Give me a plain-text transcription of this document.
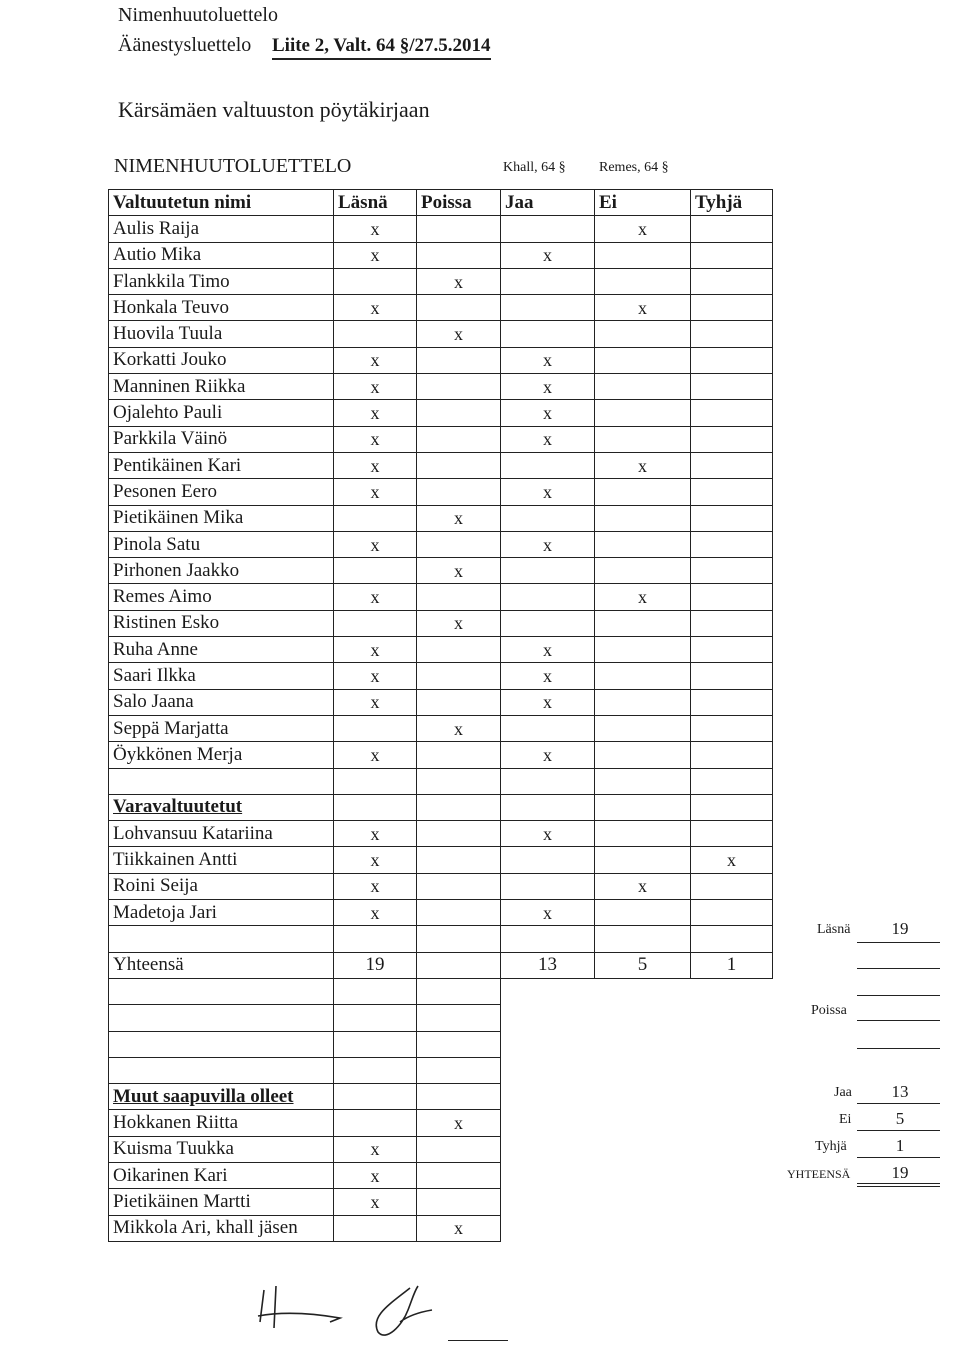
Nimenhuutoluettelo
Äänestysluettelo Liite 2, Valt. 64 §/27.5.2014
Kärsämäen valtuuston pöytäkirjaan
NIMENHUUTOLUETTELO	Khall, 64 § Remes, 64 §
Valtuutetun nimi	Läsnä	Poissa	Jaa	Ei	Tyhjä
Aulis Raija	x			x	
Autio Mika	x		x		
Flankkila Timo		x			
Honkala Teuvo	x			x	
Huovila Tuula		x			
Korkatti Jouko	x		x		
Manninen Riikka	x		x		
Ojalehto Pauli	x		x		
Parkkila Väinö	x		x		
Pentikäinen Kari	x			x	
Pesonen Eero	x		x		
Pietikäinen Mika		x			
Pinola Satu	x		x		
Pirhonen Jaakko		x			
Remes Aimo	x			x	
Ristinen Esko		x			
Ruha Anne	x		x		
Saari Ilkka	x		x		
Salo Jaana	x		x		
Seppä Marjatta		x			
Öykkönen Merja	x		x		

Varavaltuutetut					
Lohvansuu Katariina	x		x		
Tiikkainen Antti	x				x
Roini Seija	x			x	
Madetoja Jari	x		x		

Yhteensä	19		13	5	1

Muut saapuvilla olleet					
Hokkanen Riitta		x			
Kuisma Tuukka	x				
Oikarinen Kari	x				
Pietikäinen Martti	x				
Mikkola Ari, khall jäsen		x			
Läsnä	19
Poissa
Jaa	13
Ei	5
Tyhjä	1
YHTEENSÄ	19
